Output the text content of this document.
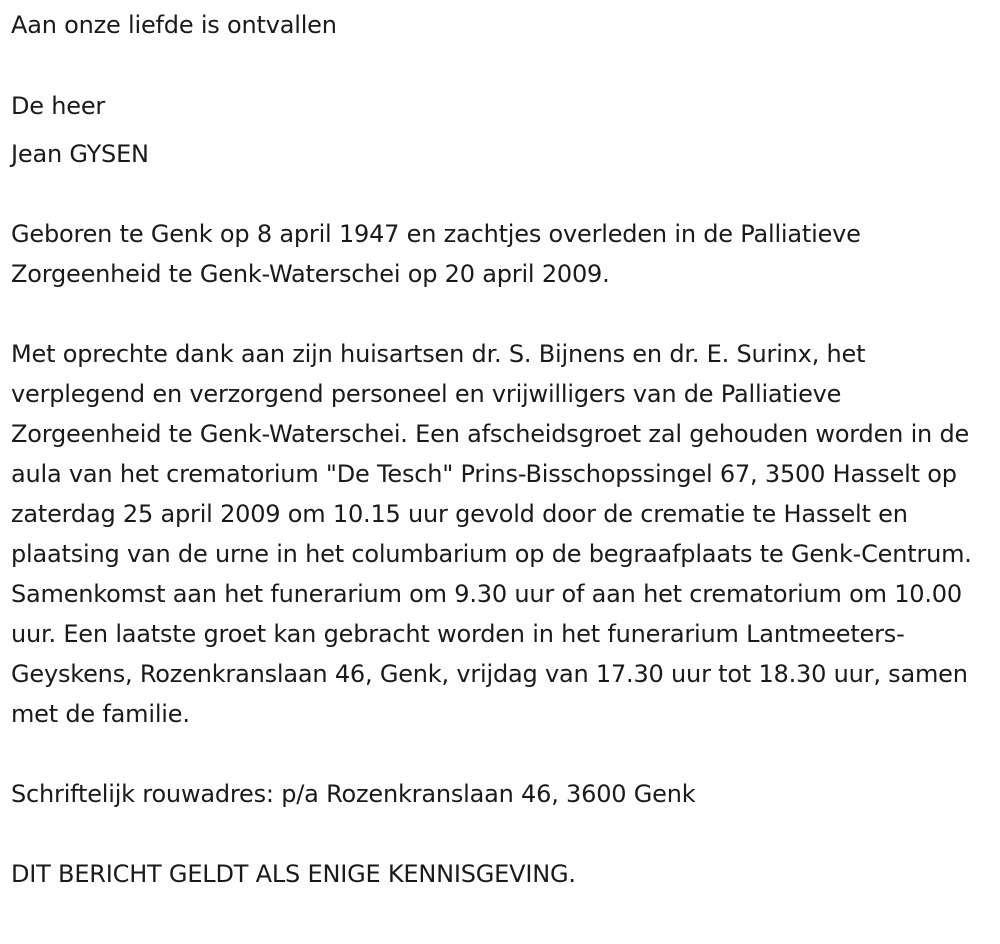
Aan onze liefde is ontvallen

De heer

Jean GYSEN

Geboren te Genk op 8 april 1947 en zachtjes overleden in de Palliatieve Zorgeenheid te Genk-Waterschei op 20 april 2009.

Met oprechte dank aan zijn huisartsen dr. S. Bijnens en dr. E. Surinx, het verplegend en verzorgend personeel en vrijwilligers van de Palliatieve Zorgeenheid te Genk-Waterschei. Een afscheidsgroet zal gehouden worden in de aula van het crematorium "De Tesch" Prins-Bisschopssingel 67, 3500 Hasselt op zaterdag 25 april 2009 om 10.15 uur gevold door de crematie te Hasselt en plaatsing van de urne in het columbarium op de begraafplaats te Genk-Centrum. Samenkomst aan het funerarium om 9.30 uur of aan het crematorium om 10.00 uur. Een laatste groet kan gebracht worden in het funerarium Lantmeeters-Geyskens, Rozenkranslaan 46, Genk, vrijdag van 17.30 uur tot 18.30 uur, samen met de familie.

Schriftelijk rouwadres: p/a Rozenkranslaan 46, 3600 Genk

DIT BERICHT GELDT ALS ENIGE KENNISGEVING.
